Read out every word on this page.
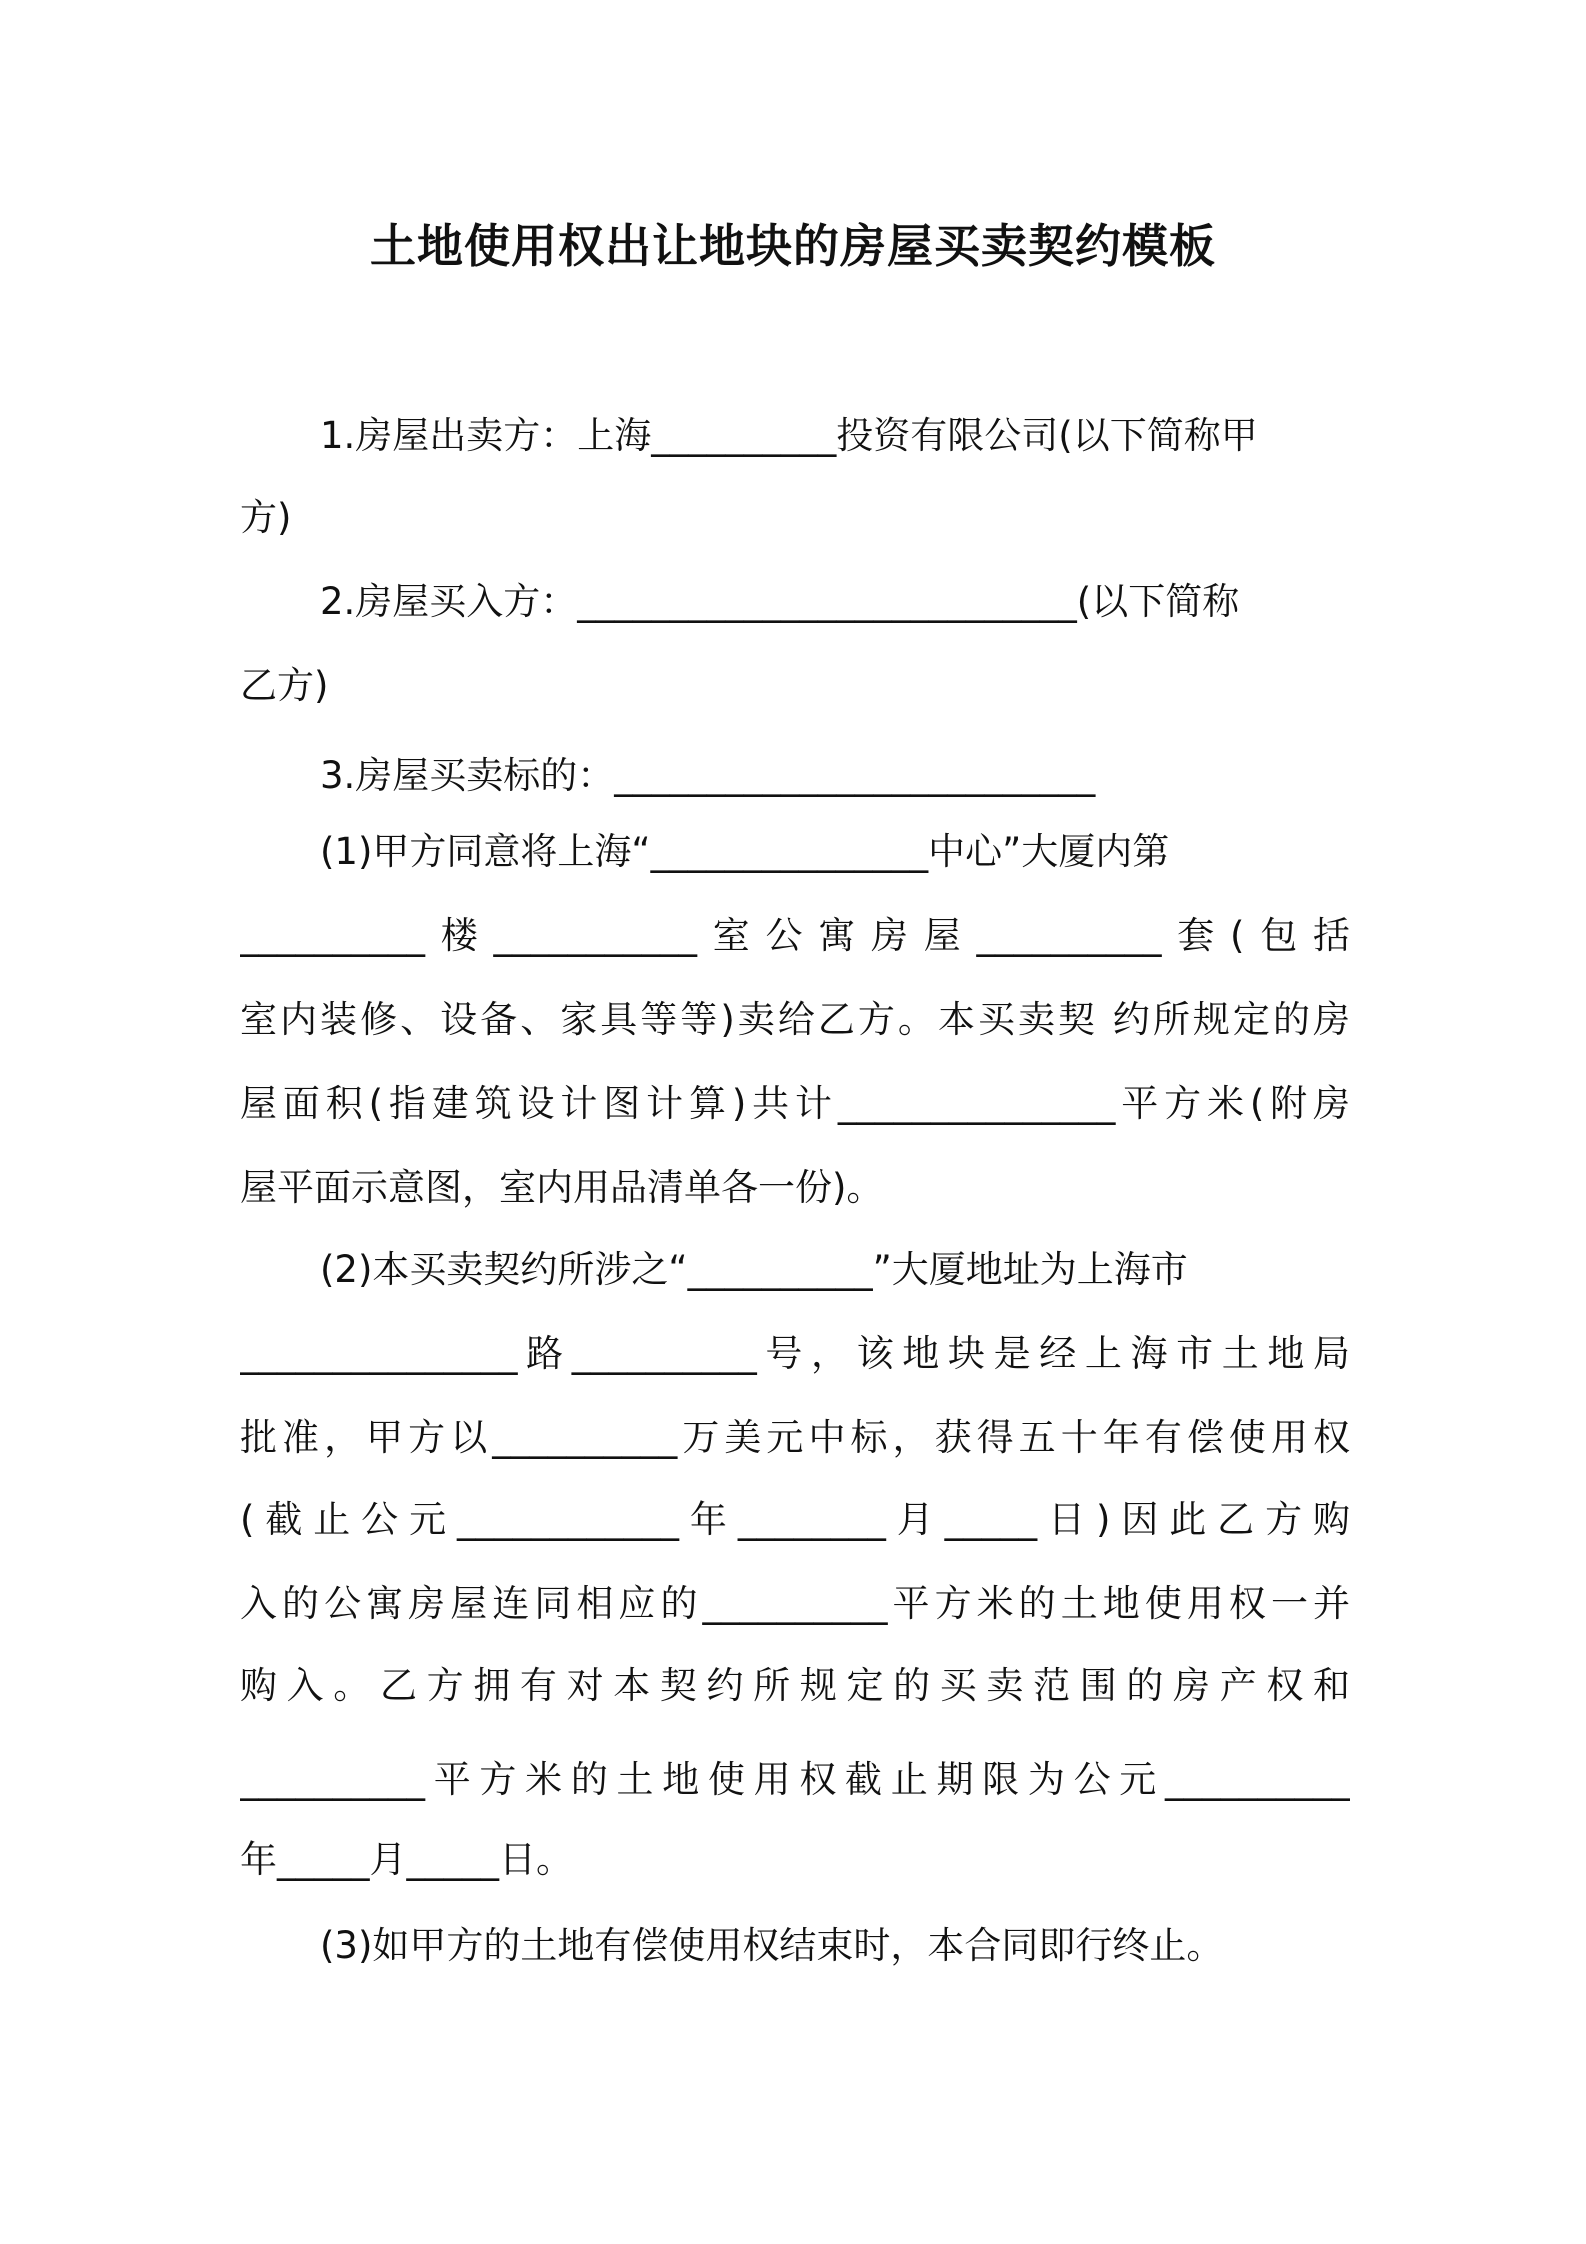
土地使用权出让地块的房屋买卖契约模板

1.房屋出卖方：上海__________投资有限公司(以下简称甲

方)

2.房屋买入方：___________________________(以下简称

乙方)

3.房屋买卖标的：__________________________

(1)甲方同意将上海“_______________中心”大厦内第

__________楼___________室公寓房屋__________套(包括

室内装修、设备、家具等等)卖给乙方。本买卖契 约所规定的房

屋面积(指建筑设计图计算)共计_______________平方米(附房

屋平面示意图，室内用品清单各一份)。

(2)本买卖契约所涉之“__________”大厦地址为上海市

_______________路__________号，该地块是经上海市土地局

批准，甲方以__________万美元中标，获得五十年有偿使用权

(截止公元____________年________月_____日)因此乙方购

入的公寓房屋连同相应的__________平方米的土地使用权一并

购入。乙方拥有对本契约所规定的买卖范围的房产权和

__________平方米的土地使用权截止期限为公元__________

年_____月_____日。

(3)如甲方的土地有偿使用权结束时，本合同即行终止。
